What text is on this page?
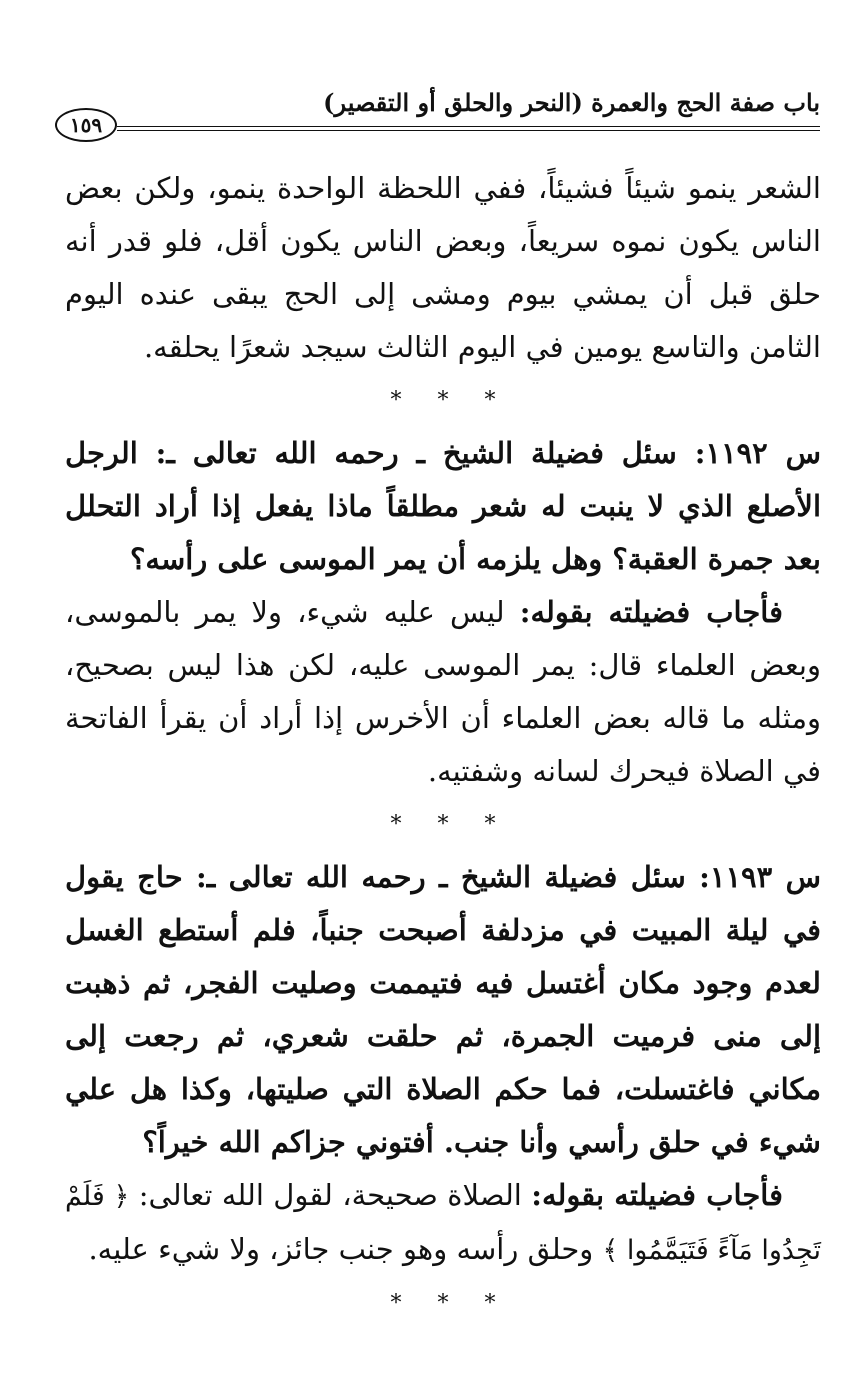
باب صفة الحج والعمرة (النحر والحلق أو التقصير)
١٥٩

الشعر ينمو شيئاً فشيئاً، ففي اللحظة الواحدة ينمو، ولكن بعض الناس يكون نموه سريعاً، وبعض الناس يكون أقل، فلو قدر أنه حلق قبل أن يمشي بيوم ومشى إلى الحج يبقى عنده اليوم الثامن والتاسع يومين في اليوم الثالث سيجد شعرًا يحلقه.

* * *

س ١١٩٢: سئل فضيلة الشيخ ـ رحمه الله تعالى ـ: الرجل الأصلع الذي لا ينبت له شعر مطلقاً ماذا يفعل إذا أراد التحلل بعد جمرة العقبة؟ وهل يلزمه أن يمر الموسى على رأسه؟

فأجاب فضيلته بقوله: ليس عليه شيء، ولا يمر بالموسى، وبعض العلماء قال: يمر الموسى عليه، لكن هذا ليس بصحيح، ومثله ما قاله بعض العلماء أن الأخرس إذا أراد أن يقرأ الفاتحة في الصلاة فيحرك لسانه وشفتيه.

* * *

س ١١٩٣: سئل فضيلة الشيخ ـ رحمه الله تعالى ـ: حاج يقول في ليلة المبيت في مزدلفة أصبحت جنباً، فلم أستطع الغسل لعدم وجود مكان أغتسل فيه فتيممت وصليت الفجر، ثم ذهبت إلى منى فرميت الجمرة، ثم حلقت شعري، ثم رجعت إلى مكاني فاغتسلت، فما حكم الصلاة التي صليتها، وكذا هل علي شيء في حلق رأسي وأنا جنب. أفتوني جزاكم الله خيراً؟

فأجاب فضيلته بقوله: الصلاة صحيحة، لقول الله تعالى: ﴿ فَلَمْ تَجِدُوا مَآءً فَتَيَمَّمُوا ﴾ وحلق رأسه وهو جنب جائز، ولا شيء عليه.

* * *
